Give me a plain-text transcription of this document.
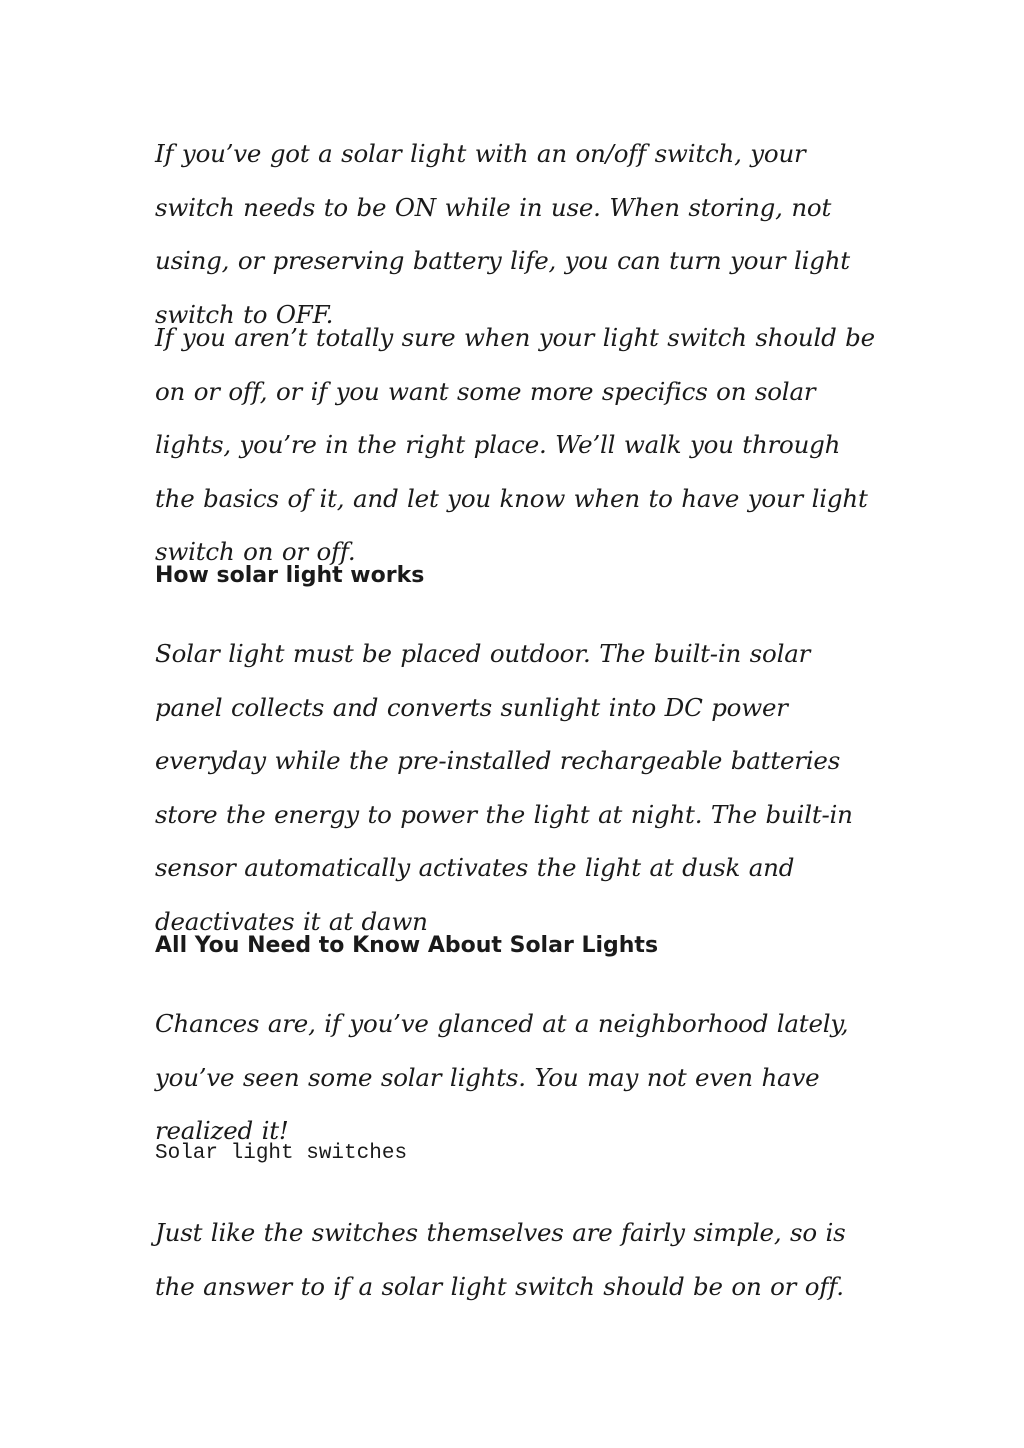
If you’ve got a solar light with an on/off switch, your switch needs to be ON while in use. When storing, not using, or preserving battery life, you can turn your light switch to OFF.

If you aren’t totally sure when your light switch should be on or off, or if you want some more specifics on solar lights, you’re in the right place. We’ll walk you through the basics of it, and let you know when to have your light switch on or off.

How solar light works

Solar light must be placed outdoor. The built-in solar panel collects and converts sunlight into DC power everyday while the pre-installed rechargeable batteries store the energy to power the light at night. The built-in sensor automatically activates the light at dusk and deactivates it at dawn

All You Need to Know About Solar Lights

Chances are, if you’ve glanced at a neighborhood lately, you’ve seen some solar lights. You may not even have realized it!

Solar light switches

Just like the switches themselves are fairly simple, so is the answer to if a solar light switch should be on or off.
